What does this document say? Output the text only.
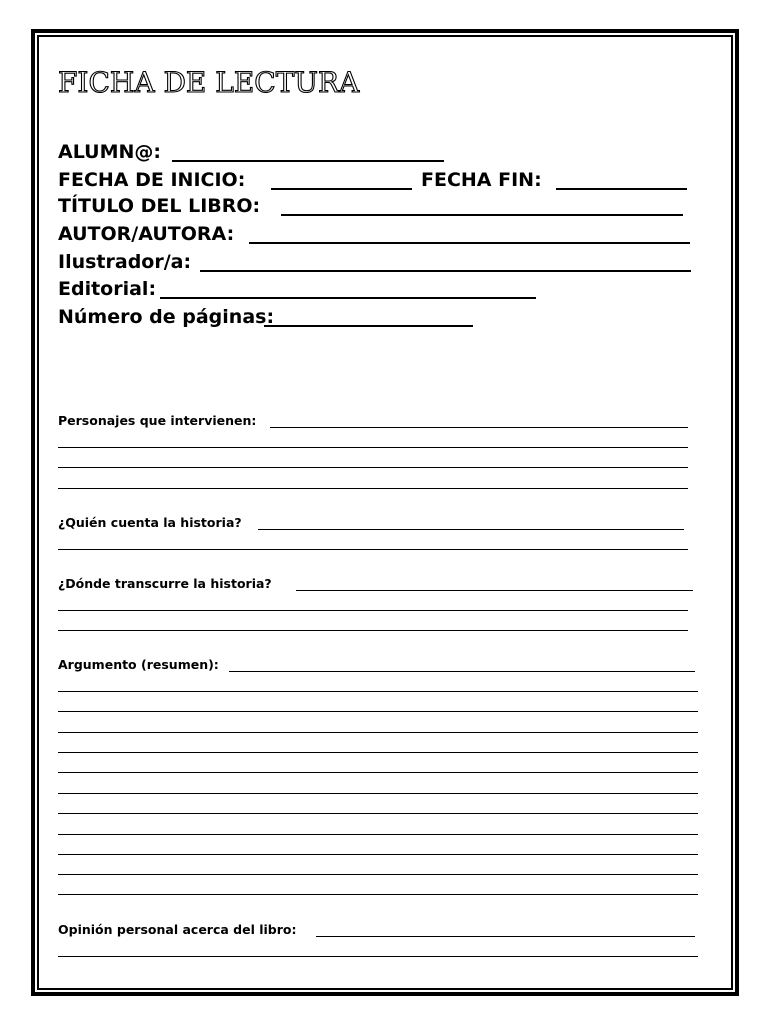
FICHA DE LECTURA
ALUMN@:
FECHA DE INICIO:	FECHA FIN:
TÍTULO DEL LIBRO:
AUTOR/AUTORA:
Ilustrador/a:
Editorial:
Número de páginas:
Personajes que intervienen:
¿Quién cuenta la historia?
¿Dónde transcurre la historia?
Argumento (resumen):
Opinión personal acerca del libro:
